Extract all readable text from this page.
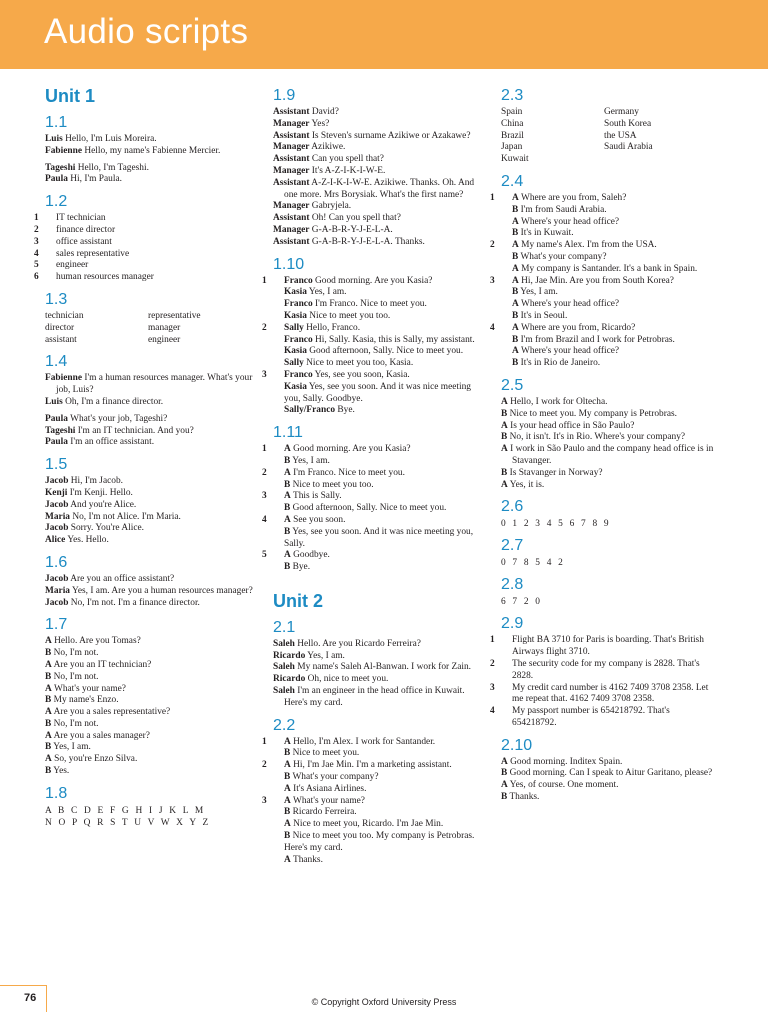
Audio scripts
Unit 1
1.1
Luis Hello, I'm Luis Moreira.
Fabienne Hello, my name's Fabienne Mercier.
Tageshi Hello, I'm Tageshi.
Paula Hi, I'm Paula.
1.2
1 IT technician
2 finance director
3 office assistant
4 sales representative
5 engineer
6 human resources manager
1.3
technician	representative
director	manager
assistant	engineer
1.4
Fabienne I'm a human resources manager. What's your job, Luis?
Luis Oh, I'm a finance director.
Paula What's your job, Tageshi?
Tageshi I'm an IT technician. And you?
Paula I'm an office assistant.
1.5
Jacob Hi, I'm Jacob.
Kenji I'm Kenji. Hello.
Jacob And you're Alice.
Maria No, I'm not Alice. I'm Maria.
Jacob Sorry. You're Alice.
Alice Yes. Hello.
1.6
Jacob Are you an office assistant?
Maria Yes, I am. Are you a human resources manager?
Jacob No, I'm not. I'm a finance director.
1.7
A Hello. Are you Tomas?
B No, I'm not.
A Are you an IT technician?
B No, I'm not.
A What's your name?
B My name's Enzo.
A Are you a sales representative?
B No, I'm not.
A Are you a sales manager?
B Yes, I am.
A So, you're Enzo Silva.
B Yes.
1.8
A B C D E F G H I J K L M
N O P Q R S T U V W X Y Z
1.9
Assistant David?
Manager Yes?
Assistant Is Steven's surname Azikiwe or Azakawe?
Manager Azikiwe.
Assistant Can you spell that?
Manager It's A-Z-I-K-I-W-E.
Assistant A-Z-I-K-I-W-E. Azikiwe. Thanks. Oh. And one more. Mrs Borysiak. What's the first name?
Manager Gabryjela.
Assistant Oh! Can you spell that?
Manager G-A-B-R-Y-J-E-L-A.
Assistant G-A-B-R-Y-J-E-L-A. Thanks.
1.10
1 Franco Good morning. Are you Kasia?
Kasia Yes, I am.
Franco I'm Franco. Nice to meet you.
Kasia Nice to meet you too.
2 Sally Hello, Franco.
Franco Hi, Sally. Kasia, this is Sally, my assistant.
Kasia Good afternoon, Sally. Nice to meet you.
Sally Nice to meet you too, Kasia.
3 Franco Yes, see you soon, Kasia.
Kasia Yes, see you soon. And it was nice meeting you, Sally. Goodbye.
Sally/Franco Bye.
1.11
1 A Good morning. Are you Kasia?
B Yes, I am.
2 A I'm Franco. Nice to meet you.
B Nice to meet you too.
3 A This is Sally.
B Good afternoon, Sally. Nice to meet you.
4 A See you soon.
B Yes, see you soon. And it was nice meeting you, Sally.
5 A Goodbye.
B Bye.
Unit 2
2.1
Saleh Hello. Are you Ricardo Ferreira?
Ricardo Yes, I am.
Saleh My name's Saleh Al-Banwan. I work for Zain.
Ricardo Oh, nice to meet you.
Saleh I'm an engineer in the head office in Kuwait. Here's my card.
2.2
1 A Hello, I'm Alex. I work for Santander.
B Nice to meet you.
2 A Hi, I'm Jae Min. I'm a marketing assistant.
B What's your company?
A It's Asiana Airlines.
3 A What's your name?
B Ricardo Ferreira.
A Nice to meet you, Ricardo. I'm Jae Min.
B Nice to meet you too. My company is Petrobras. Here's my card.
A Thanks.
2.3
Spain	Germany
China	South Korea
Brazil	the USA
Japan	Saudi Arabia
Kuwait
2.4
1 A Where are you from, Saleh?
B I'm from Saudi Arabia.
A Where's your head office?
B It's in Kuwait.
2 A My name's Alex. I'm from the USA.
B What's your company?
A My company is Santander. It's a bank in Spain.
3 A Hi, Jae Min. Are you from South Korea?
B Yes, I am.
A Where's your head office?
B It's in Seoul.
4 A Where are you from, Ricardo?
B I'm from Brazil and I work for Petrobras.
A Where's your head office?
B It's in Rio de Janeiro.
2.5
A Hello, I work for Oltecha.
B Nice to meet you. My company is Petrobras.
A Is your head office in São Paulo?
B No, it isn't. It's in Rio. Where's your company?
A I work in São Paulo and the company head office is in Stavanger.
B Is Stavanger in Norway?
A Yes, it is.
2.6
0 1 2 3 4 5 6 7 8 9
2.7
0 7 8 5 4 2
2.8
6 7 2 0
2.9
1 Flight BA 3710 for Paris is boarding. That's British Airways flight 3710.
2 The security code for my company is 2828. That's 2828.
3 My credit card number is 4162 7409 3708 2358. Let me repeat that. 4162 7409 3708 2358.
4 My passport number is 654218792. That's 654218792.
2.10
A Good morning. Inditex Spain.
B Good morning. Can I speak to Aitur Garitano, please?
A Yes, of course. One moment.
B Thanks.
76	© Copyright Oxford University Press
